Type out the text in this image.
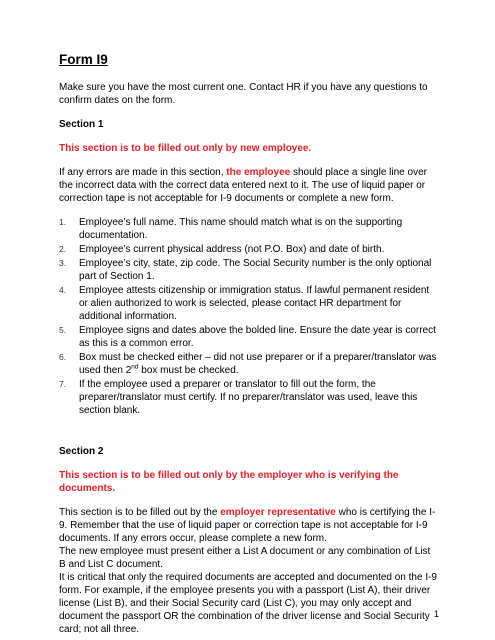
Form I9

Make sure you have the most current one. Contact HR if you have any questions to confirm dates on the form.

Section 1

This section is to be filled out only by new employee.

If any errors are made in this section, the employee should place a single line over the incorrect data with the correct data entered next to it. The use of liquid paper or correction tape is not acceptable for I-9 documents or complete a new form.

1. Employee’s full name. This name should match what is on the supporting documentation.
2. Employee’s current physical address (not P.O. Box) and date of birth.
3. Employee’s city, state, zip code. The Social Security number is the only optional part of Section 1.
4. Employee attests citizenship or immigration status. If lawful permanent resident or alien authorized to work is selected, please contact HR department for additional information.
5. Employee signs and dates above the bolded line. Ensure the date year is correct as this is a common error.
6. Box must be checked either – did not use preparer or if a preparer/translator was used then 2nd box must be checked.
7. If the employee used a preparer or translator to fill out the form, the preparer/translator must certify. If no preparer/translator was used, leave this section blank.

Section 2

This section is to be filled out only by the employer who is verifying the documents.

This section is to be filled out by the employer representative who is certifying the I-9. Remember that the use of liquid paper or correction tape is not acceptable for I-9 documents. If any errors occur, please complete a new form.

The new employee must present either a List A document or any combination of List B and List C document.

It is critical that only the required documents are accepted and documented on the I-9 form. For example, if the employee presents you with a passport (List A), their driver license (List B), and their Social Security card (List C), you may only accept and document the passport OR the combination of the driver license and Social Security card; not all three.

1
